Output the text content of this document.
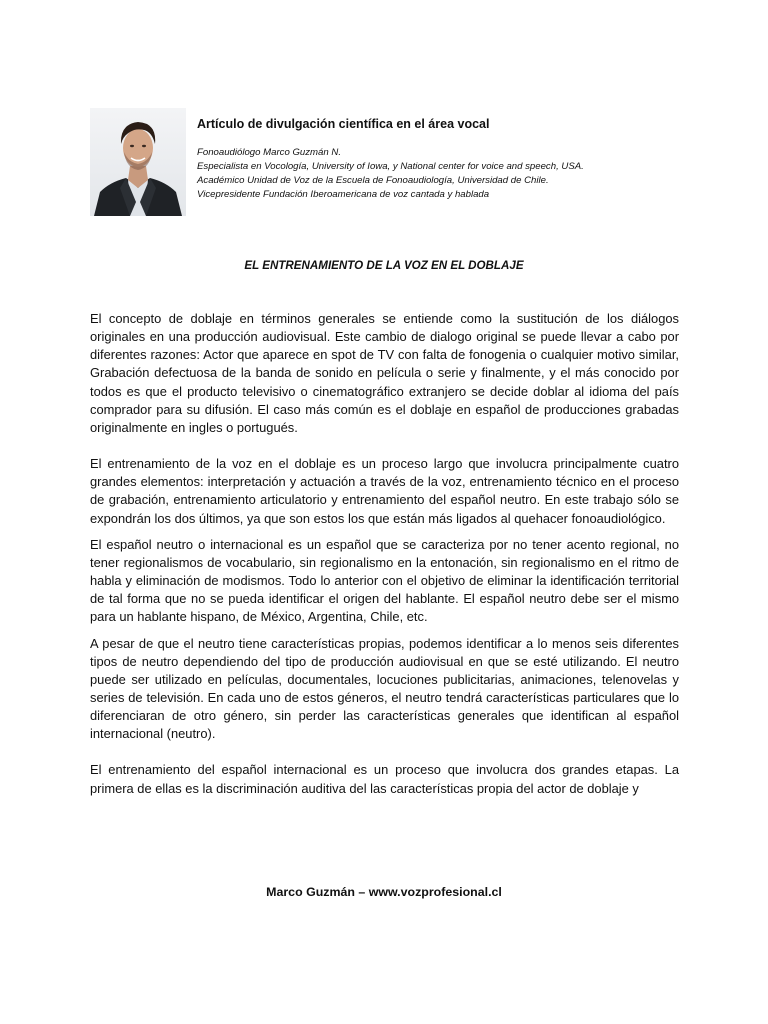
Artículo de divulgación científica en el área vocal

Fonoaudiólogo Marco Guzmán N.

Especialista en Vocología, University of Iowa, y National center for voice and speech, USA.

Académico Unidad de Voz de la Escuela de Fonoaudiología, Universidad de Chile.

Vicepresidente Fundación Iberoamericana de voz cantada y hablada

EL ENTRENAMIENTO DE LA VOZ EN EL DOBLAJE

El concepto de doblaje en términos generales se entiende como la sustitución de los diálogos originales en una producción audiovisual. Este cambio de dialogo original se puede llevar a cabo por diferentes razones: Actor que aparece en spot de TV con falta de fonogenia o cualquier motivo similar, Grabación defectuosa de la banda de sonido en película o serie y finalmente, y el más conocido por todos es que el producto televisivo o cinematográfico extranjero se decide doblar al idioma del país comprador para su difusión. El caso más común es el doblaje en español de producciones grabadas originalmente en ingles o portugués.

El entrenamiento de la voz en el doblaje es un proceso largo que involucra principalmente cuatro grandes elementos: interpretación y actuación a través de la voz, entrenamiento técnico en el proceso de grabación, entrenamiento articulatorio y entrenamiento del español neutro. En este trabajo sólo se expondrán los dos últimos, ya que son estos los que están más ligados al quehacer fonoaudiológico.

El español neutro o internacional es un español que se caracteriza por no tener acento regional, no tener regionalismos de vocabulario, sin regionalismo en la entonación, sin regionalismo en el ritmo de habla y eliminación de modismos. Todo lo anterior con el objetivo de eliminar la identificación territorial de tal forma que no se pueda identificar el origen del hablante. El español neutro debe ser el mismo para un hablante hispano, de México, Argentina, Chile, etc.

A pesar de que el neutro tiene características propias, podemos identificar a lo menos seis diferentes tipos de neutro dependiendo del tipo de producción audiovisual en que se esté utilizando. El neutro puede ser utilizado en películas, documentales, locuciones publicitarias, animaciones, telenovelas y series de televisión. En cada uno de estos géneros, el neutro tendrá características particulares que lo diferenciaran de otro género, sin perder las características generales que identifican al español internacional (neutro).

El entrenamiento del español internacional es un proceso que involucra dos grandes etapas. La primera de ellas es la discriminación auditiva del las características propia del actor de doblaje y

Marco Guzmán – www.vozprofesional.cl
